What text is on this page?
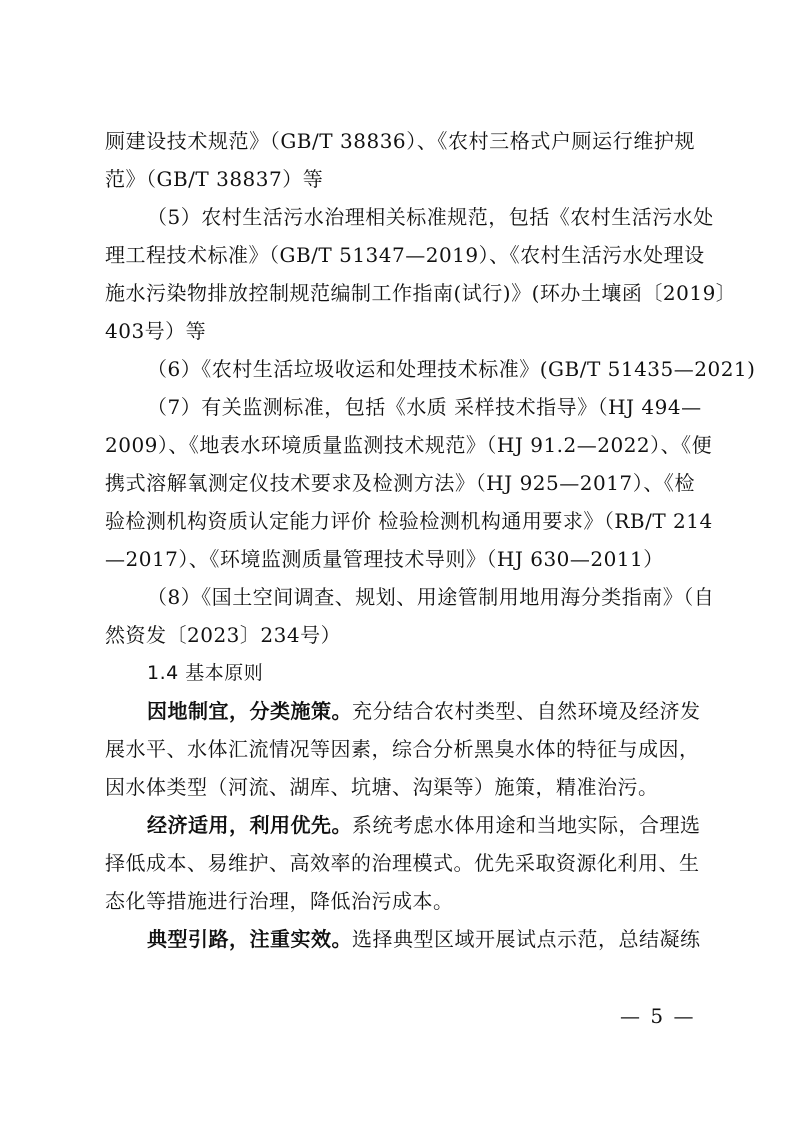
厕建设技术规范》（GB/T 38836）、《农村三格式户厕运行维护规
范》（GB/T 38837）等
（5）农村生活污水治理相关标准规范，包括《农村生活污水处
理工程技术标准》（GB/T 51347—2019）、《农村生活污水处理设
施水污染物排放控制规范编制工作指南(试行)》(环办土壤函〔2019〕
403号）等
（6）《农村生活垃圾收运和处理技术标准》(GB/T 51435—2021)
（7）有关监测标准，包括《水质 采样技术指导》（HJ 494—
2009）、《地表水环境质量监测技术规范》（HJ 91.2—2022）、《便
携式溶解氧测定仪技术要求及检测方法》（HJ 925—2017）、《检
验检测机构资质认定能力评价 检验检测机构通用要求》（RB/T 214
—2017）、《环境监测质量管理技术导则》（HJ 630—2011）
（8）《国土空间调查、规划、用途管制用地用海分类指南》（自
然资发〔2023〕234号）
1.4 基本原则
因地制宜，分类施策。充分结合农村类型、自然环境及经济发
展水平、水体汇流情况等因素，综合分析黑臭水体的特征与成因，
因水体类型（河流、湖库、坑塘、沟渠等）施策，精准治污。
经济适用，利用优先。系统考虑水体用途和当地实际，合理选
择低成本、易维护、高效率的治理模式。优先采取资源化利用、生
态化等措施进行治理，降低治污成本。
典型引路，注重实效。选择典型区域开展试点示范，总结凝练
— 5 —
